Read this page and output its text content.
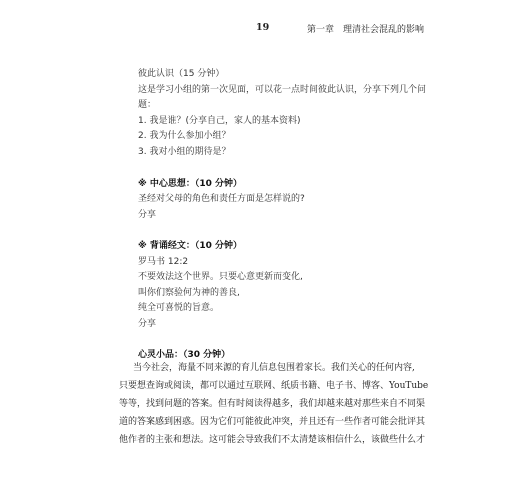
19	第一章　理清社会混乱的影响
彼此认识（15 分钟）
这是学习小组的第一次见面，可以花一点时间彼此认识，分享下列几个问
题：
1. 我是谁？(分享自己，家人的基本资料)
2. 我为什么参加小组？
3. 我对小组的期待是？
※ 中心思想：（10 分钟）
圣经对父母的角色和责任方面是怎样说的?
分享
※ 背诵经文：（10 分钟）
罗马书 12:2
不要效法这个世界。只要心意更新而变化,
叫你们察验何为神的善良,
纯全可喜悦的旨意。
分享
心灵小品：（30 分钟）
当今社会，海量不同来源的育儿信息包围着家长。我们关心的任何内容,
只要想查询或阅读，都可以通过互联网、纸质书籍、电子书、博客、YouTube
等等，找到问题的答案。但有时阅读得越多，我们却越来越对那些来自不同渠
道的答案感到困惑。因为它们可能彼此冲突，并且还有一些作者可能会批评其
他作者的主张和想法。这可能会导致我们不太清楚该相信什么，该做些什么才
